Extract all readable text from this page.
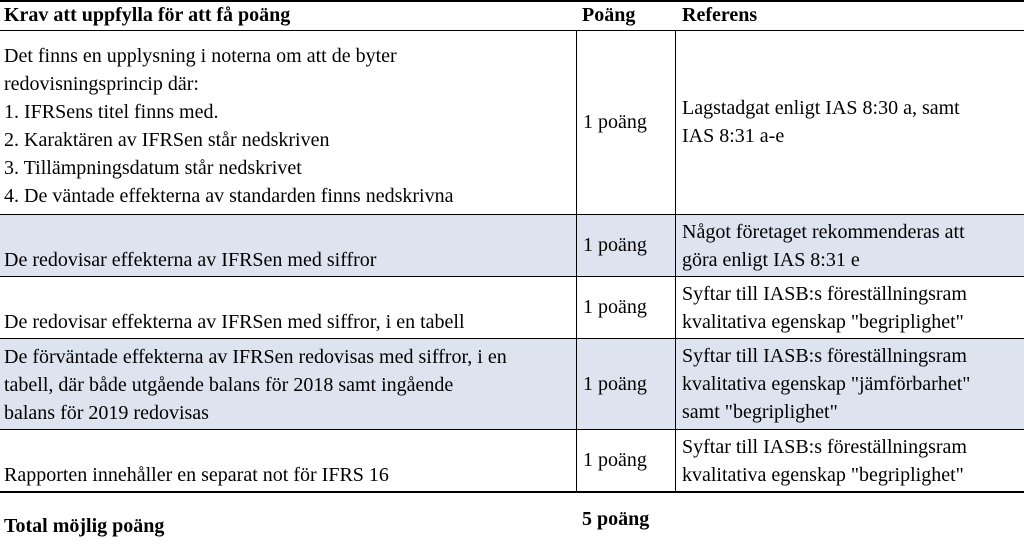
Krav att uppfylla för att få poäng	Poäng Referens
Det finns en upplysning i noterna om att de byter
redovisningsprincip där:
1. IFRSens titel finns med.
2. Karaktären av IFRSen står nedskriven
3. Tillämpningsdatum står nedskrivet
4. De väntade effekterna av standarden finns nedskrivna
1 poäng
Lagstadgat enligt IAS 8:30 a, samt
IAS 8:31 a-e
De redovisar effekterna av IFRSen med siffror
1 poäng
Något företaget rekommenderas att
göra enligt IAS 8:31 e
De redovisar effekterna av IFRSen med siffror, i en tabell
1 poäng
Syftar till IASB:s föreställningsram
kvalitativa egenskap "begriplighet"
De förväntade effekterna av IFRSen redovisas med siffror, i en
tabell, där både utgående balans för 2018 samt ingående
balans för 2019 redovisas
1 poäng
Syftar till IASB:s föreställningsram
kvalitativa egenskap "jämförbarhet"
samt "begriplighet"
Rapporten innehåller en separat not för IFRS 16
1 poäng
Syftar till IASB:s föreställningsram
kvalitativa egenskap "begriplighet"
Total möjlig poäng	5 poäng
